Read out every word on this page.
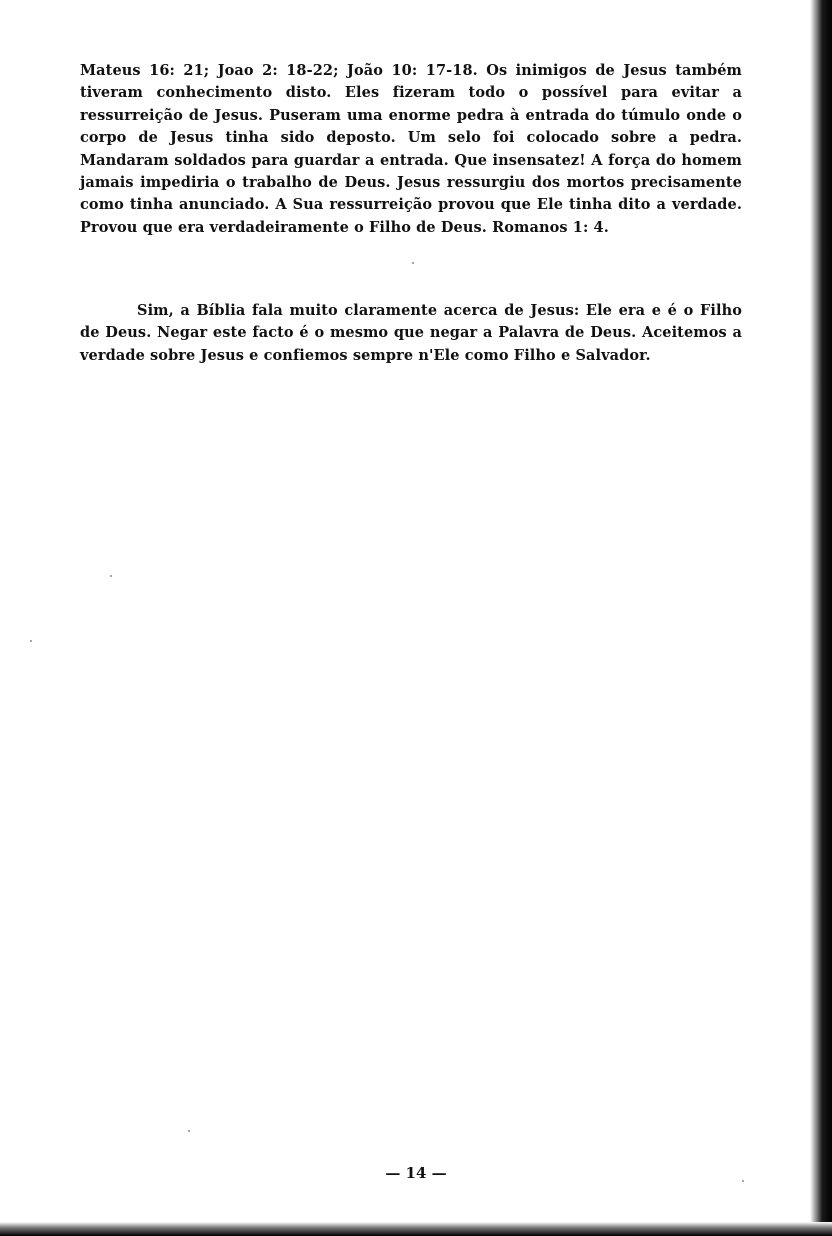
Mateus 16: 21; Joao 2: 18-22; João 10: 17-18. Os inimigos de Jesus também tiveram conhecimento disto. Eles fizeram todo o possível para evitar a ressurreição de Jesus. Puseram uma enorme pedra à entrada do túmulo onde o corpo de Jesus tinha sido deposto. Um selo foi colocado sobre a pedra. Mandaram soldados para guardar a entrada. Que insensatez! A força do homem jamais impediria o trabalho de Deus. Jesus ressurgiu dos mortos precisamente como tinha anunciado. A Sua ressurreição provou que Ele tinha dito a verdade. Provou que era verdadeiramente o Filho de Deus. Romanos 1: 4.
Sim, a Bíblia fala muito claramente acerca de Jesus: Ele era e é o Filho de Deus. Negar este facto é o mesmo que negar a Palavra de Deus. Aceitemos a verdade sobre Jesus e confiemos sempre n'Ele como Filho e Salvador.
— 14 —
